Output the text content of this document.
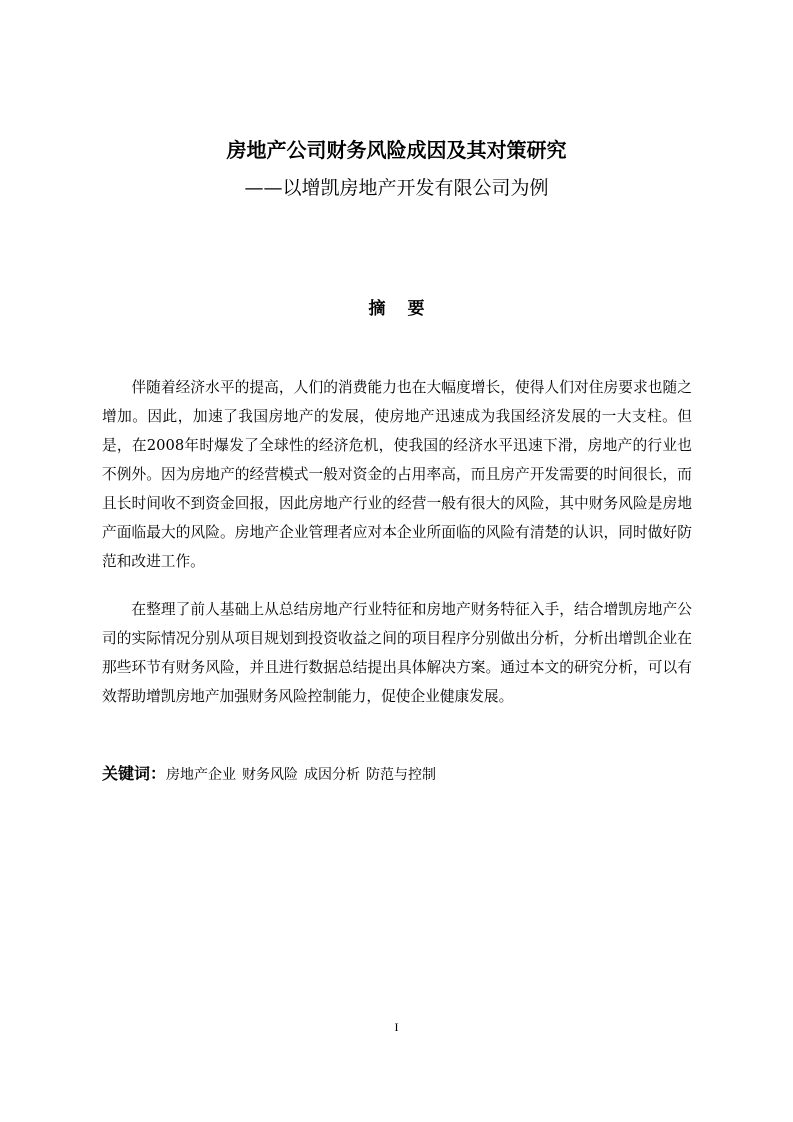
房地产公司财务风险成因及其对策研究
——以增凯房地产开发有限公司为例
摘要

伴随着经济水平的提高，人们的消费能力也在大幅度增长，使得人们对住房要求也随之增加。因此，加速了我国房地产的发展，使房地产迅速成为我国经济发展的一大支柱。但是，在2008年时爆发了全球性的经济危机，使我国的经济水平迅速下滑，房地产的行业也不例外。因为房地产的经营模式一般对资金的占用率高，而且房产开发需要的时间很长，而且长时间收不到资金回报，因此房地产行业的经营一般有很大的风险，其中财务风险是房地产面临最大的风险。房地产企业管理者应对本企业所面临的风险有清楚的认识，同时做好防范和改进工作。

在整理了前人基础上从总结房地产行业特征和房地产财务特征入手，结合增凯房地产公司的实际情况分别从项目规划到投资收益之间的项目程序分别做出分析，分析出增凯企业在那些环节有财务风险，并且进行数据总结提出具体解决方案。通过本文的研究分析，可以有效帮助增凯房地产加强财务风险控制能力，促使企业健康发展。

关键词：房地产企业 财务风险 成因分析 防范与控制
I
